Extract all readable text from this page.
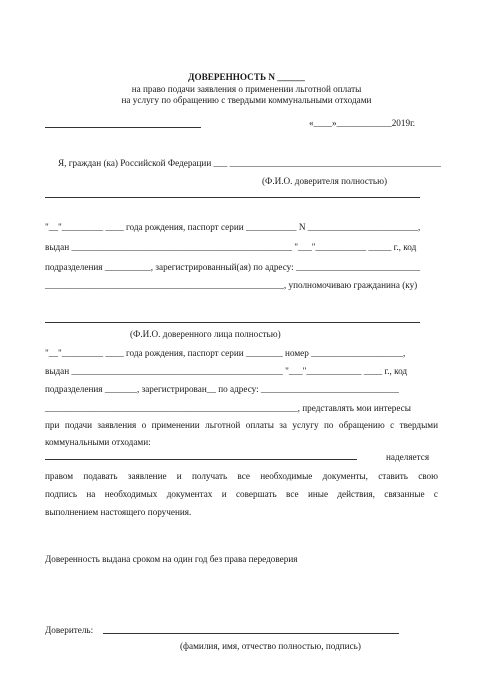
ДОВЕРЕННОСТЬ N ______
на право подачи заявления о применении льготной оплаты
на услугу по обращению с твердыми коммунальными отходами
«____»____________2019г.
Я, граждан (ка) Российской Федерации ___ ______________________________________________
(Ф.И.О. доверителя полностью)
"__"_________ ____ года рождения, паспорт серии ___________ N ________________________,
выдан ________________________________________________ "___"___________ _____ г., код
подразделения __________, зарегистрированный(ая) по адресу: ___________________________
____________________________________________________, уполномочиваю гражданина (ку)
(Ф.И.О. доверенного лица полностью)
"__"_________ ____ года рождения, паспорт серии ________ номер ____________________,
выдан ______________________________________________ "___"____________ ____ г., код
подразделения _______, зарегистрирован__ по адресу: ______________________________
_______________________________________________________, представлять мои интересы
при подачи заявления о применении льготной оплаты за услугу по обращению с твердыми
коммунальными отходами:
наделяется
правом подавать заявление и получать все необходимые документы, ставить свою
подпись на необходимых документах и совершать все иные действия, связанные с
выполнением настоящего поручения.
Доверенность выдана сроком на один год без права передоверия
Доверитель:
(фамилия, имя, отчество полностью, подпись)
